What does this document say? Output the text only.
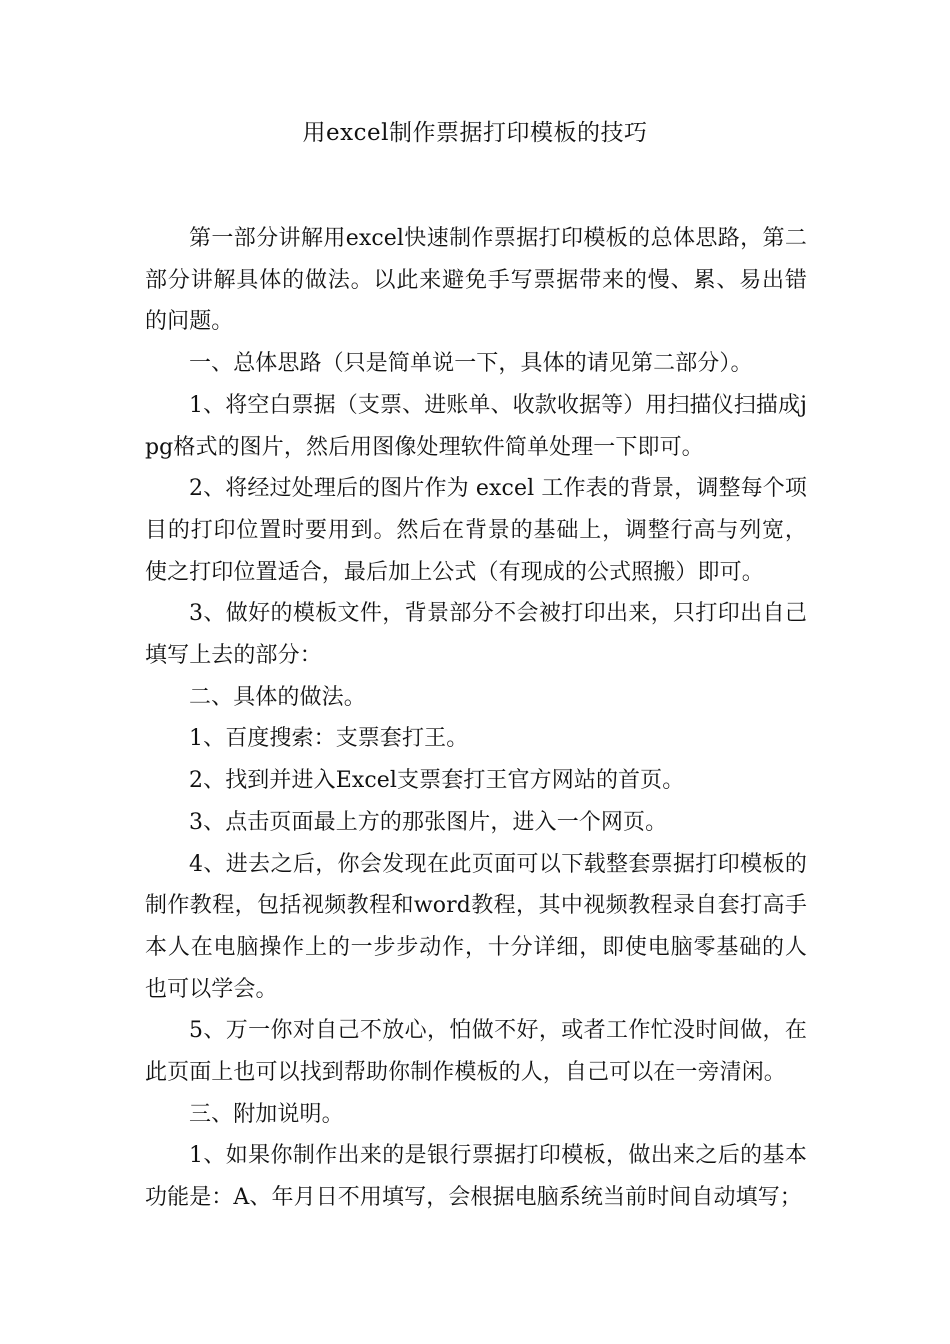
用excel制作票据打印模板的技巧

第一部分讲解用excel快速制作票据打印模板的总体思路，第二部分讲解具体的做法。以此来避免手写票据带来的慢、累、易出错的问题。

一、总体思路（只是简单说一下，具体的请见第二部分）。

1、将空白票据（支票、进账单、收款收据等）用扫描仪扫描成jpg格式的图片，然后用图像处理软件简单处理一下即可。

2、将经过处理后的图片作为 excel 工作表的背景，调整每个项目的打印位置时要用到。然后在背景的基础上，调整行高与列宽，使之打印位置适合，最后加上公式（有现成的公式照搬）即可。

3、做好的模板文件，背景部分不会被打印出来，只打印出自己填写上去的部分：

二、具体的做法。

1、百度搜索：支票套打王。

2、找到并进入Excel支票套打王官方网站的首页。

3、点击页面最上方的那张图片，进入一个网页。

4、进去之后，你会发现在此页面可以下载整套票据打印模板的制作教程，包括视频教程和word教程，其中视频教程录自套打高手本人在电脑操作上的一步步动作，十分详细，即使电脑零基础的人也可以学会。

5、万一你对自己不放心，怕做不好，或者工作忙没时间做，在此页面上也可以找到帮助你制作模板的人，自己可以在一旁清闲。

三、附加说明。

1、如果你制作出来的是银行票据打印模板，做出来之后的基本功能是：A、年月日不用填写，会根据电脑系统当前时间自动填写；
